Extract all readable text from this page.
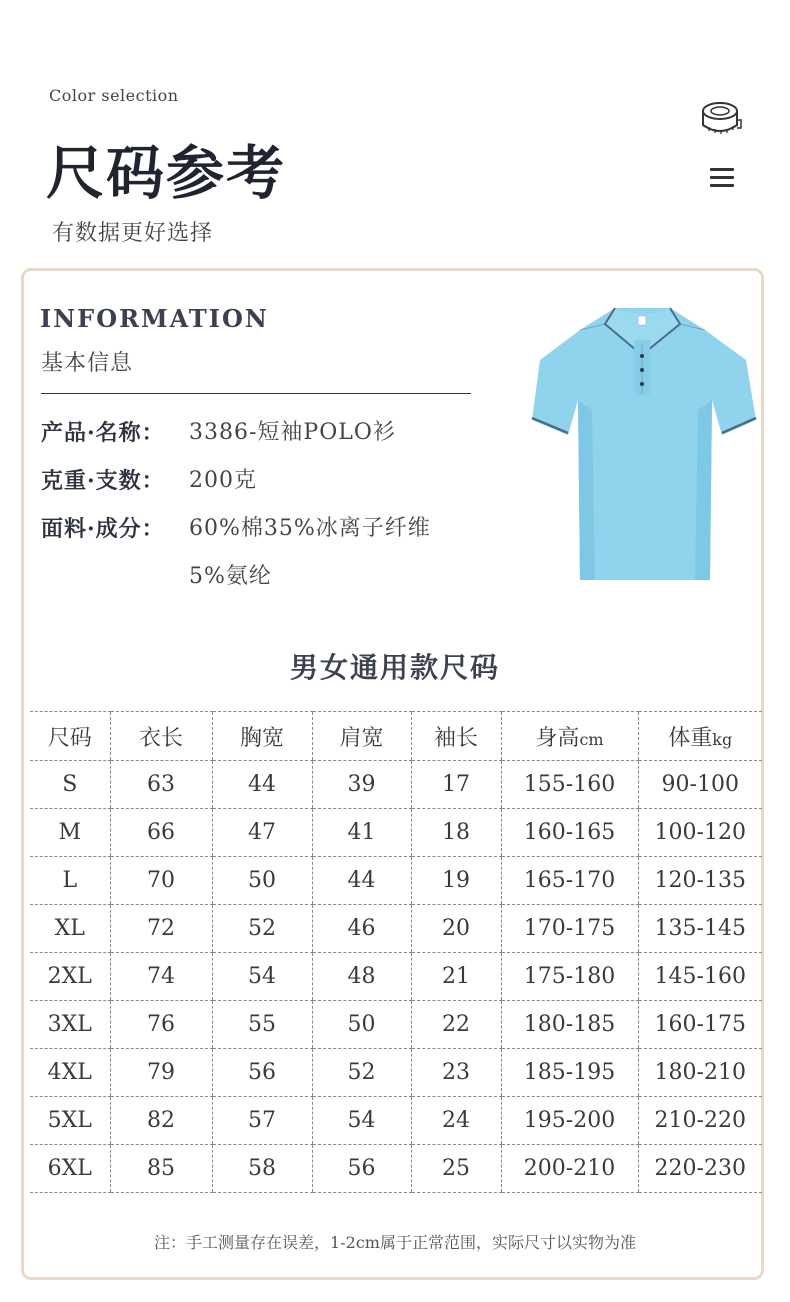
Color selection
尺码参考
有数据更好选择
INFORMATION
基本信息
产品·名称： 3386-短袖POLO衫
克重·支数： 200克
面料·成分： 60%棉35%冰离子纤维
5%氨纶
男女通用款尺码
尺码	衣长	胸宽	肩宽	袖长	身高cm	体重kg
S	63	44	39	17	155-160	90-100
M	66	47	41	18	160-165	100-120
L	70	50	44	19	165-170	120-135
XL	72	52	46	20	170-175	135-145
2XL	74	54	48	21	175-180	145-160
3XL	76	55	50	22	180-185	160-175
4XL	79	56	52	23	185-195	180-210
5XL	82	57	54	24	195-200	210-220
6XL	85	58	56	25	200-210	220-230
注：手工测量存在误差，1-2cm属于正常范围，实际尺寸以实物为准
